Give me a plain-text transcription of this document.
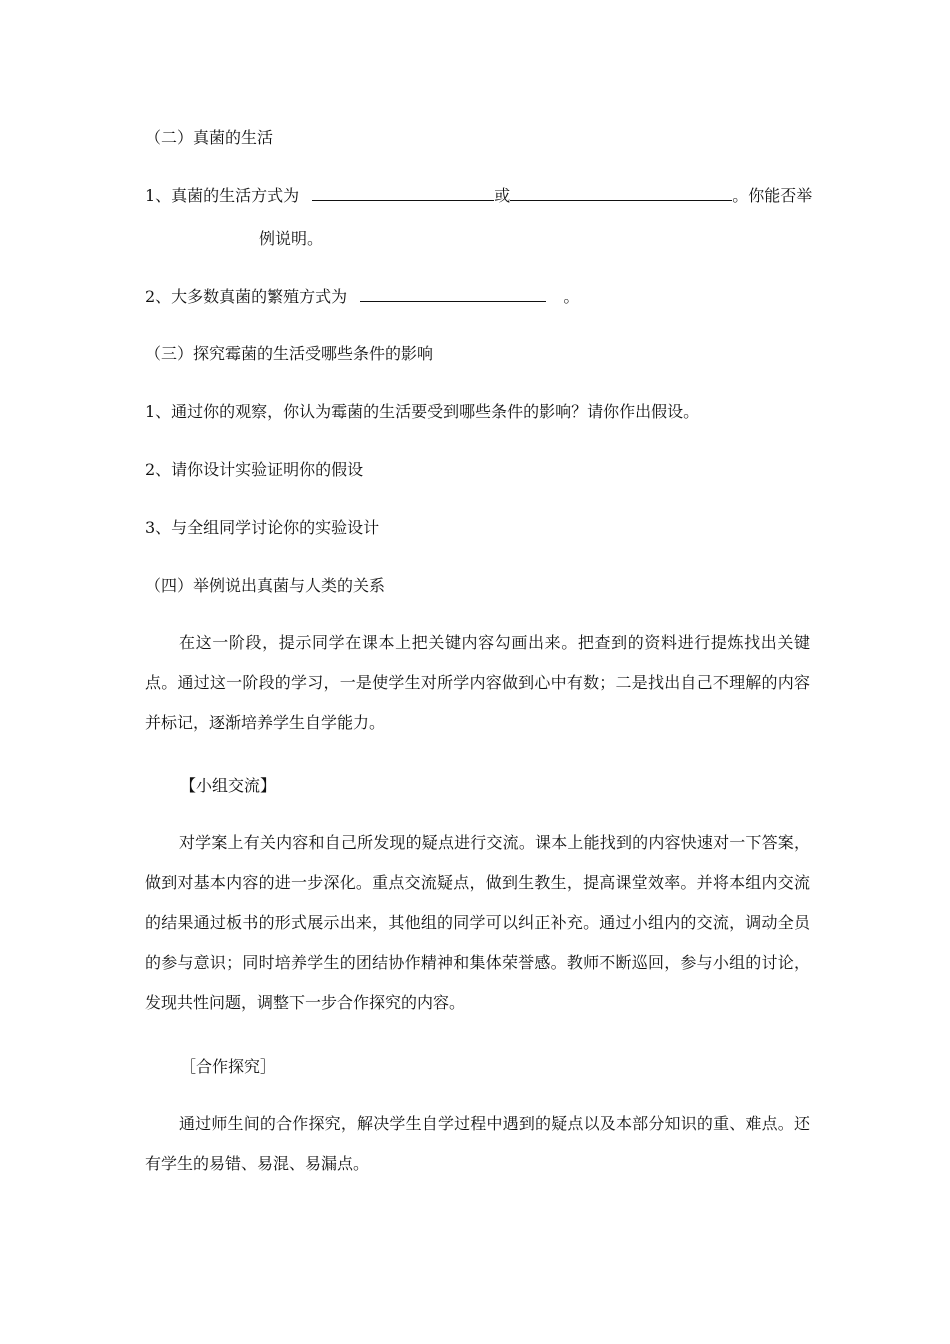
（二）真菌的生活
1、真菌的生活方式为	或	。你能否举
例说明。
2、大多数真菌的繁殖方式为	。
（三）探究霉菌的生活受哪些条件的影响
1、通过你的观察，你认为霉菌的生活要受到哪些条件的影响？请你作出假设。
2、请你设计实验证明你的假设
3、与全组同学讨论你的实验设计
（四）举例说出真菌与人类的关系
在这一阶段，提示同学在课本上把关键内容勾画出来。把查到的资料进行提炼找出关键点。通过这一阶段的学习，一是使学生对所学内容做到心中有数；二是找出自己不理解的内容并标记，逐渐培养学生自学能力。
【小组交流】
对学案上有关内容和自己所发现的疑点进行交流。课本上能找到的内容快速对一下答案，做到对基本内容的进一步深化。重点交流疑点，做到生教生，提高课堂效率。并将本组内交流的结果通过板书的形式展示出来，其他组的同学可以纠正补充。通过小组内的交流，调动全员的参与意识；同时培养学生的团结协作精神和集体荣誉感。教师不断巡回，参与小组的讨论，发现共性问题，调整下一步合作探究的内容。
［合作探究］
通过师生间的合作探究，解决学生自学过程中遇到的疑点以及本部分知识的重、难点。还有学生的易错、易混、易漏点。
